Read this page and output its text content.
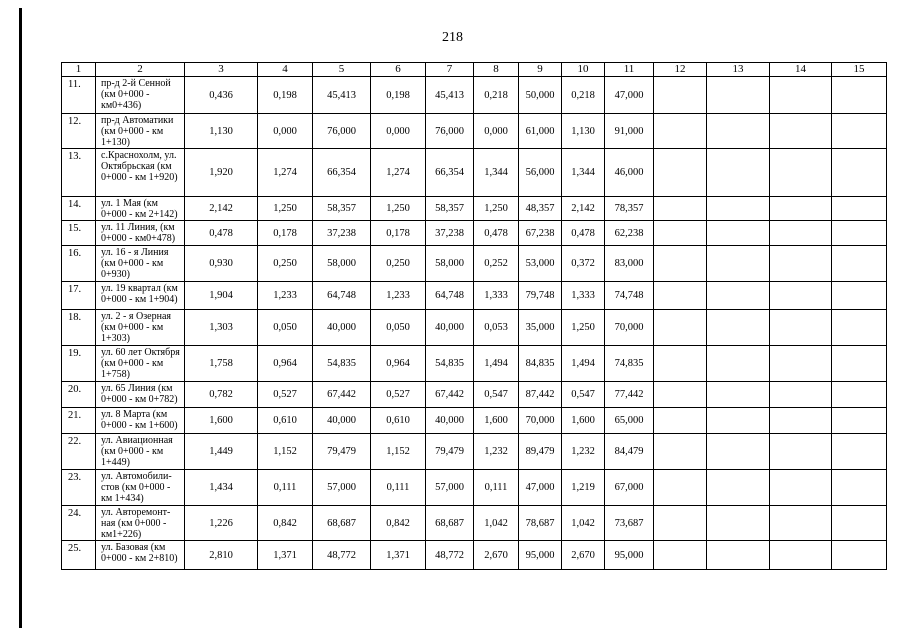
218
1	2	3	4	5	6	7	8	9	10	11	12	13	14	15
11.	пр-д 2-й Сенной (км 0+000 - км0+436)	0,436	0,198	45,413	0,198	45,413	0,218	50,000	0,218	47,000				
12.	пр-д Автоматики (км 0+000 - км 1+130)	1,130	0,000	76,000	0,000	76,000	0,000	61,000	1,130	91,000				
13.	с.Краснохолм, ул. Октябрьская (км 0+000 - км 1+920)	1,920	1,274	66,354	1,274	66,354	1,344	56,000	1,344	46,000				
14.	ул. 1 Мая (км 0+000 - км 2+142)	2,142	1,250	58,357	1,250	58,357	1,250	48,357	2,142	78,357				
15.	ул. 11 Линия, (км 0+000 - км0+478)	0,478	0,178	37,238	0,178	37,238	0,478	67,238	0,478	62,238				
16.	ул. 16 - я Линия (км 0+000 - км 0+930)	0,930	0,250	58,000	0,250	58,000	0,252	53,000	0,372	83,000				
17.	ул. 19 квартал (км 0+000 - км 1+904)	1,904	1,233	64,748	1,233	64,748	1,333	79,748	1,333	74,748				
18.	ул. 2 - я Озерная (км 0+000 - км 1+303)	1,303	0,050	40,000	0,050	40,000	0,053	35,000	1,250	70,000				
19.	ул. 60 лет Октября (км 0+000 - км 1+758)	1,758	0,964	54,835	0,964	54,835	1,494	84,835	1,494	74,835				
20.	ул. 65 Линия (км 0+000 - км 0+782)	0,782	0,527	67,442	0,527	67,442	0,547	87,442	0,547	77,442				
21.	ул. 8 Марта (км 0+000 - км 1+600)	1,600	0,610	40,000	0,610	40,000	1,600	70,000	1,600	65,000				
22.	ул. Авиационная (км 0+000 - км 1+449)	1,449	1,152	79,479	1,152	79,479	1,232	89,479	1,232	84,479				
23.	ул. Автомобили-стов (км 0+000 - км 1+434)	1,434	0,111	57,000	0,111	57,000	0,111	47,000	1,219	67,000				
24.	ул. Авторемонт-ная (км 0+000 - км1+226)	1,226	0,842	68,687	0,842	68,687	1,042	78,687	1,042	73,687				
25.	ул. Базовая (км 0+000 - км 2+810)	2,810	1,371	48,772	1,371	48,772	2,670	95,000	2,670	95,000				
